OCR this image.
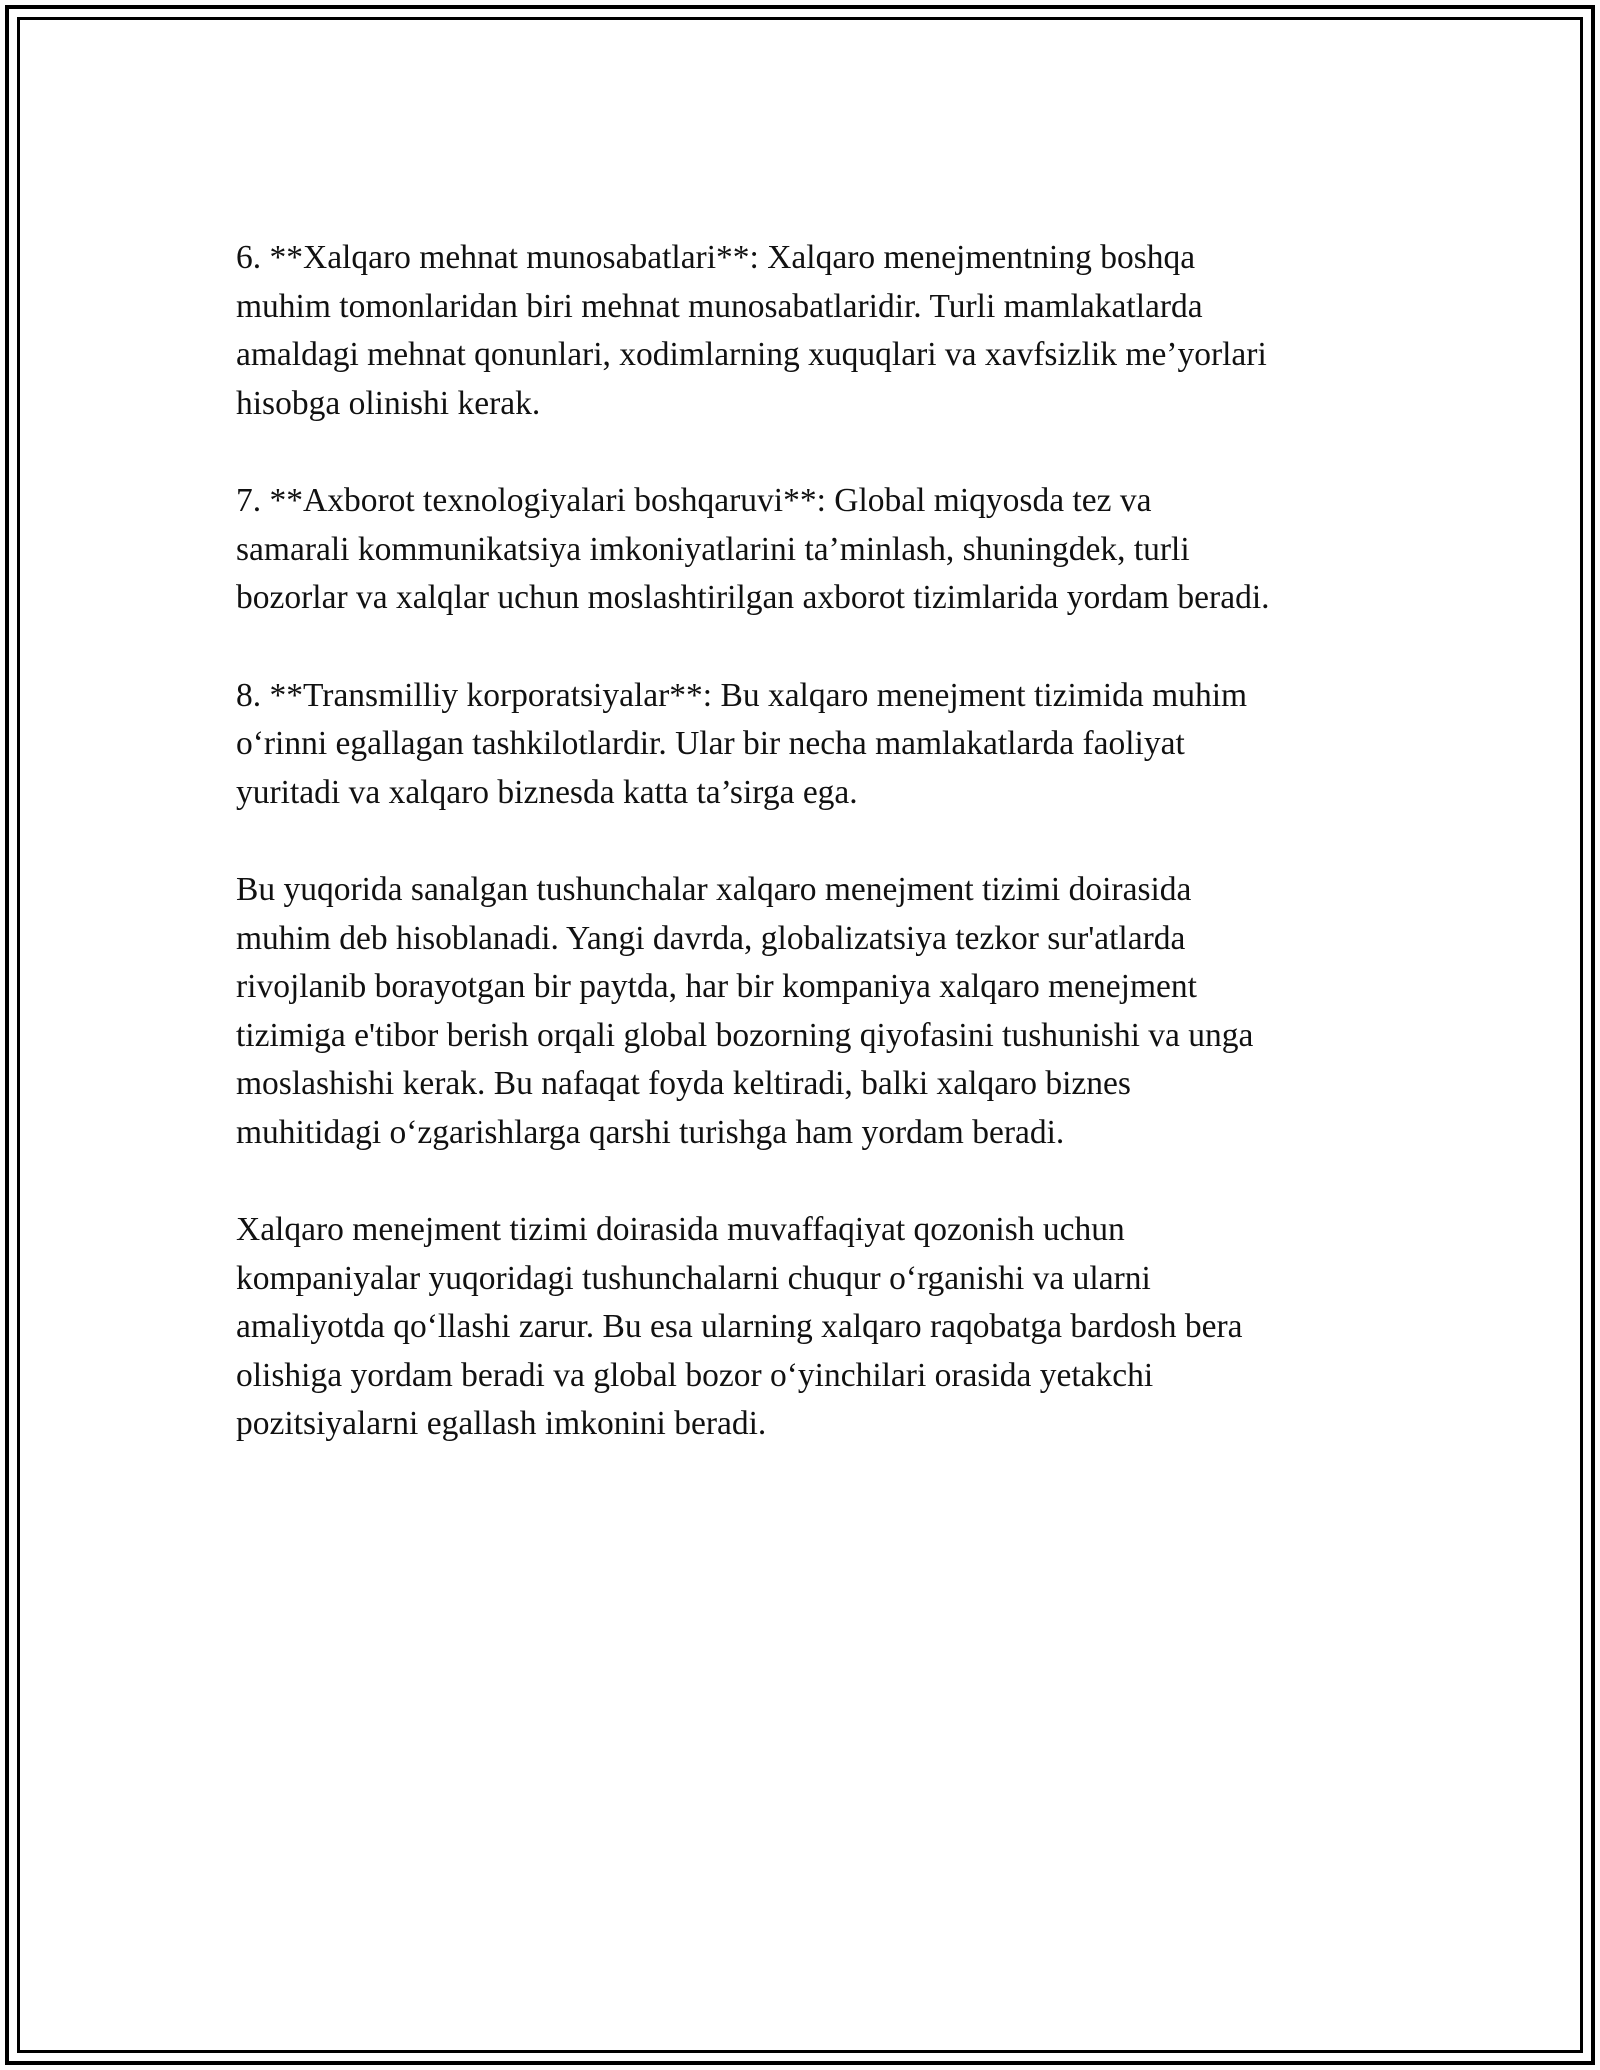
6. **Xalqaro mehnat munosabatlari**: Xalqaro menejmentning boshqa
muhim tomonlaridan biri mehnat munosabatlaridir. Turli mamlakatlarda
amaldagi mehnat qonunlari, xodimlarning xuquqlari va xavfsizlik me’yorlari
hisobga olinishi kerak.

7. **Axborot texnologiyalari boshqaruvi**: Global miqyosda tez va
samarali kommunikatsiya imkoniyatlarini ta’minlash, shuningdek, turli
bozorlar va xalqlar uchun moslashtirilgan axborot tizimlarida yordam beradi.

8. **Transmilliy korporatsiyalar**: Bu xalqaro menejment tizimida muhim
o‘rinni egallagan tashkilotlardir. Ular bir necha mamlakatlarda faoliyat
yuritadi va xalqaro biznesda katta ta’sirga ega.

Bu yuqorida sanalgan tushunchalar xalqaro menejment tizimi doirasida
muhim deb hisoblanadi. Yangi davrda, globalizatsiya tezkor sur'atlarda
rivojlanib borayotgan bir paytda, har bir kompaniya xalqaro menejment
tizimiga e'tibor berish orqali global bozorning qiyofasini tushunishi va unga
moslashishi kerak. Bu nafaqat foyda keltiradi, balki xalqaro biznes
muhitidagi o‘zgarishlarga qarshi turishga ham yordam beradi.

Xalqaro menejment tizimi doirasida muvaffaqiyat qozonish uchun
kompaniyalar yuqoridagi tushunchalarni chuqur o‘rganishi va ularni
amaliyotda qo‘llashi zarur. Bu esa ularning xalqaro raqobatga bardosh bera
olishiga yordam beradi va global bozor o‘yinchilari orasida yetakchi
pozitsiyalarni egallash imkonini beradi.
